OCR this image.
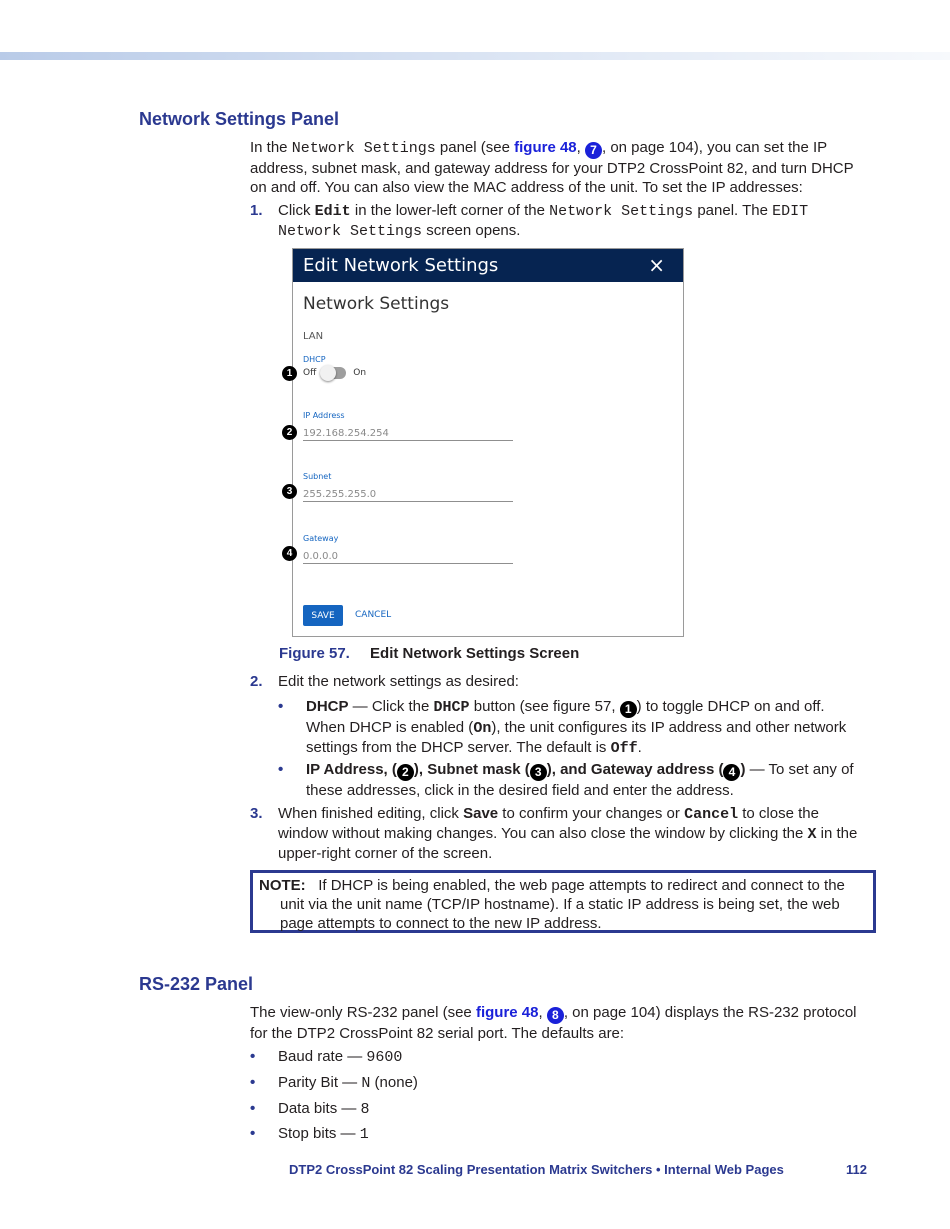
Network Settings Panel

In the Network Settings panel (see figure 48, 7 , on page 104), you can set the IP address, subnet mask, and gateway address for your DTP2 CrossPoint 82, and turn DHCP on and off. You can also view the MAC address of the unit. To set the IP addresses:

1. Click Edit in the lower-left corner of the Network Settings panel. The EDIT Network Settings screen opens.
Edit Network Settings	×
Network Settings
LAN
DHCP
Off	On
IP Address
192.168.254.254
Subnet
255.255.255.0
Gateway
0.0.0.0
SAVE	CANCEL
1
2
3
4
Figure 57. Edit Network Settings Screen
2. Edit the network settings as desired:
• DHCP — Click the DHCP button (see figure 57, 1 ) to toggle DHCP on and off. When DHCP is enabled (On), the unit configures its IP address and other network settings from the DHCP server. The default is Off.
• IP Address, ( 2 ), Subnet mask ( 3 ), and Gateway address ( 4 ) — To set any of these addresses, click in the desired field and enter the address.
3. When finished editing, click Save to confirm your changes or Cancel to close the window without making changes. You can also close the window by clicking the X in the upper-right corner of the screen.
NOTE: If DHCP is being enabled, the web page attempts to redirect and connect to the unit via the unit name (TCP/IP hostname). If a static IP address is being set, the web page attempts to connect to the new IP address.
RS-232 Panel

The view-only RS-232 panel (see figure 48, 8 , on page 104) displays the RS-232 protocol for the DTP2 CrossPoint 82 serial port. The defaults are:

• Baud rate — 9600
• Parity Bit — N (none)
• Data bits — 8
• Stop bits — 1
DTP2 CrossPoint 82 Scaling Presentation Matrix Switchers • Internal Web Pages	112
